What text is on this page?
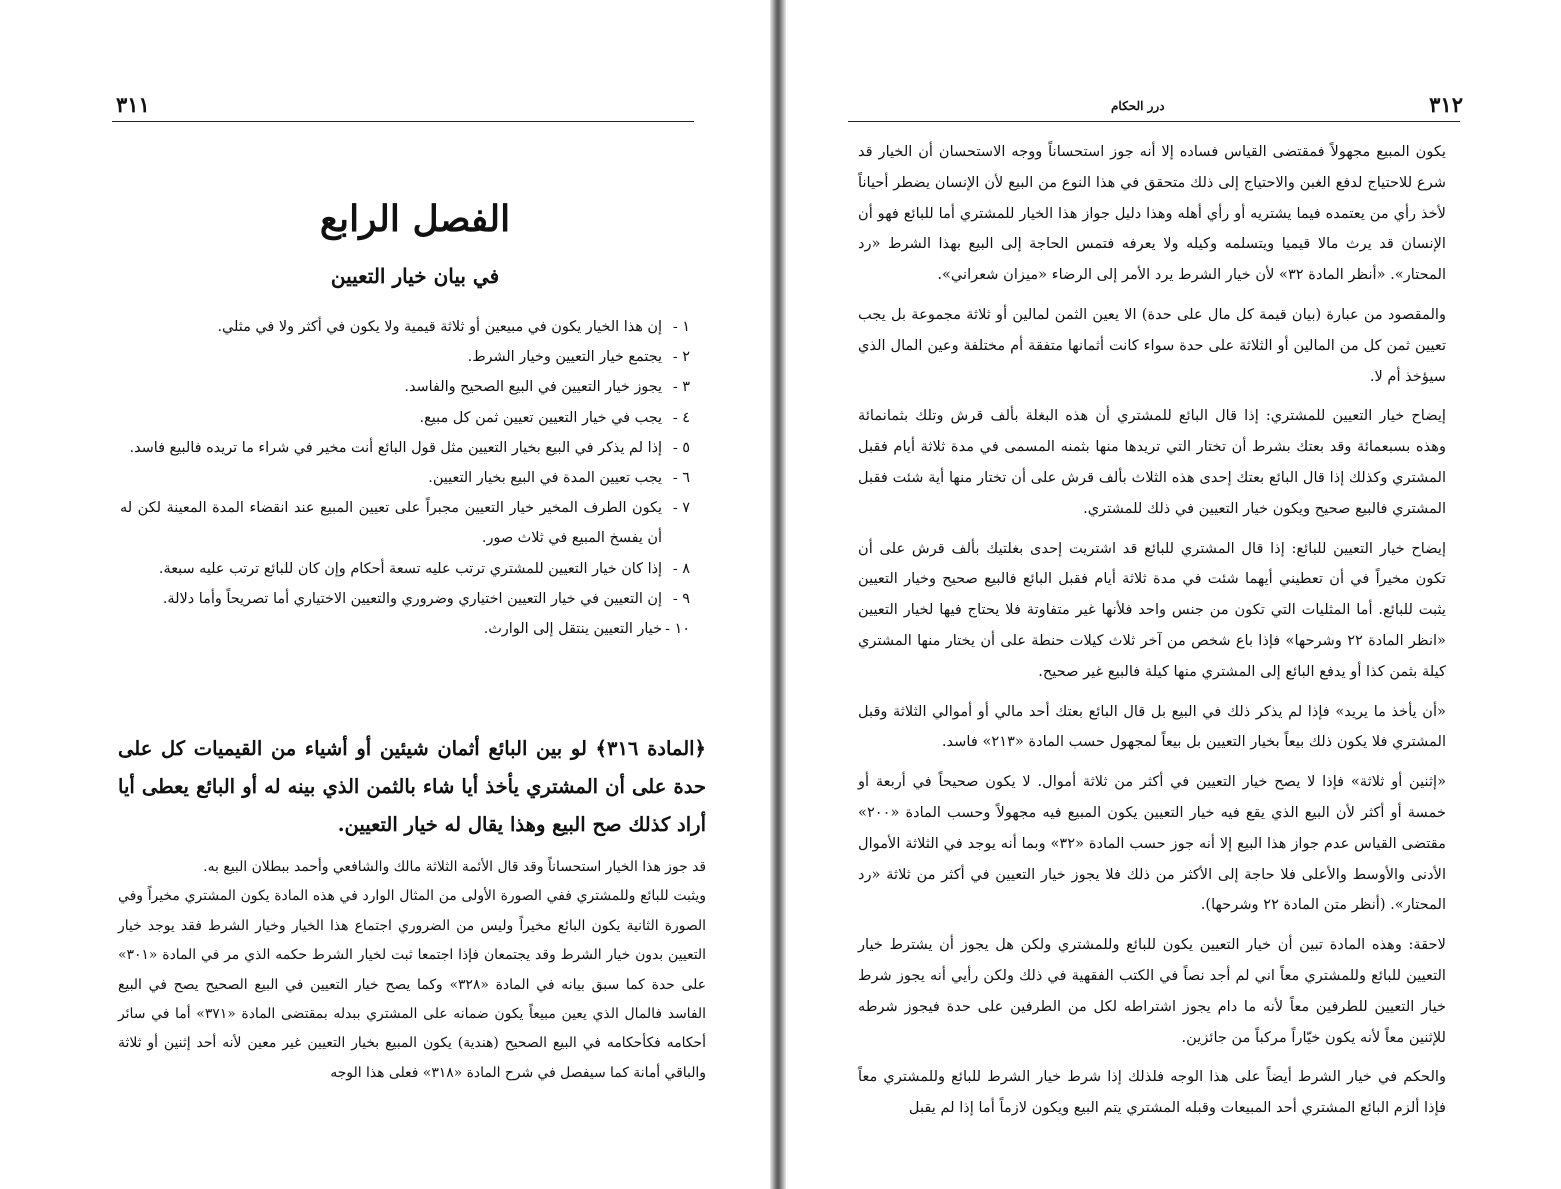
٣١١
الفصل الرابع
في بيان خيار التعيين
١ -
إن هذا الخيار يكون في مبيعين أو ثلاثة قيمية ولا يكون في أكثر ولا في مثلي.
٢ -
يجتمع خيار التعيين وخيار الشرط.
٣ -
يجوز خيار التعيين في البيع الصحيح والفاسد.
٤ -
يجب في خيار التعيين تعيين ثمن كل مبيع.
٥ -
إذا لم يذكر في البيع بخيار التعيين مثل قول البائع أنت مخير في شراء ما تريده فالبيع فاسد.
٦ -
يجب تعيين المدة في البيع بخيار التعيين.
٧ -
يكون الطرف المخير خيار التعيين مجبراً على تعيين المبيع عند انقضاء المدة المعينة لكن له أن يفسخ المبيع في ثلاث صور.
٨ -
إذا كان خيار التعيين للمشتري ترتب عليه تسعة أحكام وإن كان للبائع ترتب عليه سبعة.
٩ -
إن التعيين في خيار التعيين اختياري وضروري والتعيين الاختياري أما تصريحاً وأما دلالة.
١٠ -
خيار التعيين ينتقل إلى الوارث.
﴿المادة ٣١٦﴾ لو بين البائع أثمان شيئين أو أشياء من القيميات كل على حدة على أن المشتري يأخذ أيا شاء بالثمن الذي بينه له أو البائع يعطى أيا أراد كذلك صح البيع وهذا يقال له خيار التعيين.

قد جوز هذا الخيار استحساناً وقد قال الأئمة الثلاثة مالك والشافعي وأحمد ببطلان البيع به.

ويثبت للبائع وللمشتري ففي الصورة الأولى من المثال الوارد في هذه المادة يكون المشتري مخيراً وفي الصورة الثانية يكون البائع مخيراً وليس من الضروري اجتماع هذا الخيار وخيار الشرط فقد يوجد خيار التعيين بدون خيار الشرط وقد يجتمعان فإذا اجتمعا ثبت لخيار الشرط حكمه الذي مر في المادة «٣٠١» على حدة كما سبق بيانه في المادة «٣٢٨» وكما يصح خيار التعيين في البيع الصحيح يصح في البيع الفاسد فالمال الذي يعين مبيعاً يكون ضمانه على المشتري ببدله بمقتضى المادة «٣٧١» أما في سائر أحكامه فكأحكامه في البيع الصحيح (هندية) يكون المبيع بخيار التعيين غير معين لأنه أحد إثنين أو ثلاثة والباقي أمانة كما سيفصل في شرح المادة «٣١٨» فعلى هذا الوجه

٣١٢
درر الحكام

يكون المبيع مجهولاً فمقتضى القياس فساده إلا أنه جوز استحساناً ووجه الاستحسان أن الخيار قد شرع للاحتياج لدفع الغبن والاحتياج إلى ذلك متحقق في هذا النوع من البيع لأن الإنسان يضطر أحياناً لأخذ رأي من يعتمده فيما يشتريه أو رأي أهله وهذا دليل جواز هذا الخيار للمشتري أما للبائع فهو أن الإنسان قد يرث مالا قيميا ويتسلمه وكيله ولا يعرفه فتمس الحاجة إلى البيع بهذا الشرط «رد المحتار». «أنظر المادة ٣٢» لأن خيار الشرط يرد الأمر إلى الرضاء «ميزان شعراني».

والمقصود من عبارة (بيان قيمة كل مال على حدة) الا يعين الثمن لمالين أو ثلاثة مجموعة بل يجب تعيين ثمن كل من المالين أو الثلاثة على حدة سواء كانت أثمانها متفقة أم مختلفة وعين المال الذي سيؤخذ أم لا.

إيضاح خيار التعيين للمشتري: إذا قال البائع للمشتري أن هذه البغلة بألف قرش وتلك بثمانمائة وهذه بسبعمائة وقد بعتك بشرط أن تختار التي تريدها منها بثمنه المسمى في مدة ثلاثة أيام فقبل المشتري وكذلك إذا قال البائع بعتك إحدى هذه الثلاث بألف قرش على أن تختار منها أية شئت فقبل المشتري فالبيع صحيح ويكون خيار التعيين في ذلك للمشتري.

إيضاح خيار التعيين للبائع: إذا قال المشتري للبائع قد اشتريت إحدى بغلتيك بألف قرش على أن تكون مخيراً في أن تعطيني أيهما شئت في مدة ثلاثة أيام فقبل البائع فالبيع صحيح وخيار التعيين يثبت للبائع. أما المثليات التي تكون من جنس واحد فلأنها غير متفاوتة فلا يحتاج فيها لخيار التعيين «انظر المادة ٢٢ وشرحها» فإذا باع شخص من آخر ثلاث كيلات حنطة على أن يختار منها المشتري كيلة بثمن كذا أو يدفع البائع إلى المشتري منها كيلة فالبيع غير صحيح.

«أن يأخذ ما يريد» فإذا لم يذكر ذلك في البيع بل قال البائع بعتك أحد مالي أو أموالي الثلاثة وقبل المشتري فلا يكون ذلك بيعاً بخيار التعيين بل بيعاً لمجهول حسب المادة «٢١٣» فاسد.

«إثنين أو ثلاثة» فإذا لا يصح خيار التعيين في أكثر من ثلاثة أموال. لا يكون صحيحاً في أربعة أو خمسة أو أكثر لأن البيع الذي يقع فيه خيار التعيين يكون المبيع فيه مجهولاً وحسب المادة «٢٠٠» مقتضى القياس عدم جواز هذا البيع إلا أنه جوز حسب المادة «٣٢» وبما أنه يوجد في الثلاثة الأموال الأدنى والأوسط والأعلى فلا حاجة إلى الأكثر من ذلك فلا يجوز خيار التعيين في أكثر من ثلاثة «رد المحتار». (أنظر متن المادة ٢٢ وشرحها).

لاحقة: وهذه المادة تبين أن خيار التعيين يكون للبائع وللمشتري ولكن هل يجوز أن يشترط خيار التعيين للبائع وللمشتري معاً اني لم أجد نصاً في الكتب الفقهية في ذلك ولكن رأيي أنه يجوز شرط خيار التعيين للطرفين معاً لأنه ما دام يجوز اشتراطه لكل من الطرفين على حدة فيجوز شرطه للإثنين معاً لأنه يكون خيّاراً مركباً من جائزين.

والحكم في خيار الشرط أيضاً على هذا الوجه فلذلك إذا شرط خيار الشرط للبائع وللمشتري معاً فإذا ألزم البائع المشتري أحد المبيعات وقبله المشتري يتم البيع ويكون لازماً أما إذا لم يقبل
